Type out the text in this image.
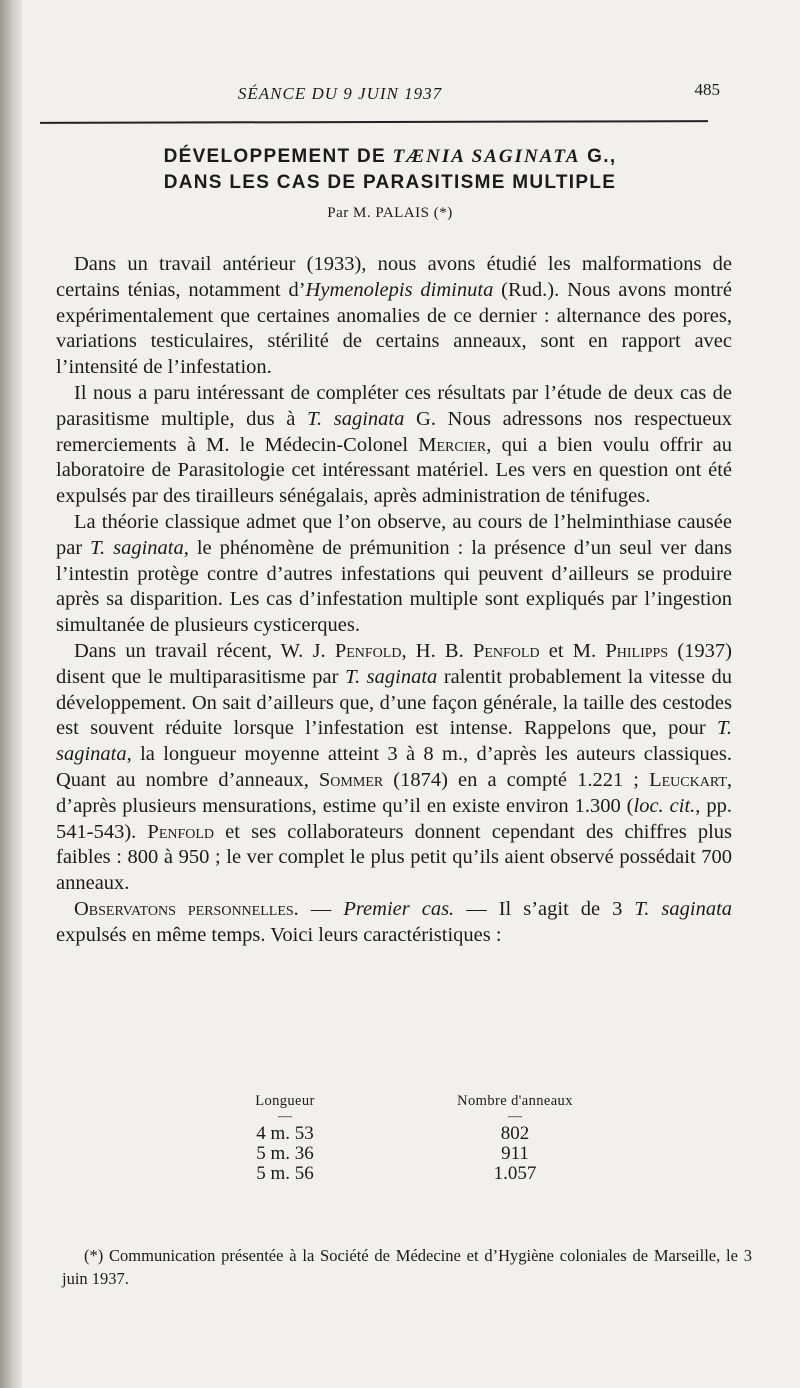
SÉANCE DU 9 JUIN 1937	485
DÉVELOPPEMENT DE TÆNIA SAGINATA G.,
DANS LES CAS DE PARASITISME MULTIPLE
Par M. PALAIS (*)

Dans un travail antérieur (1933), nous avons étudié les malformations de certains ténias, notamment d’Hymenolepis diminuta (Rud.). Nous avons montré expérimentalement que certaines anomalies de ce dernier : alternance des pores, variations testiculaires, stérilité de certains anneaux, sont en rapport avec l’intensité de l’infestation.

Il nous a paru intéressant de compléter ces résultats par l’étude de deux cas de parasitisme multiple, dus à T. saginata G. Nous adressons nos respectueux remerciements à M. le Médecin-Colonel Mercier, qui a bien voulu offrir au laboratoire de Parasitologie cet intéressant matériel. Les vers en question ont été expulsés par des tirailleurs sénégalais, après administration de ténifuges.

La théorie classique admet que l’on observe, au cours de l’helminthiase causée par T. saginata, le phénomène de prémunition : la présence d’un seul ver dans l’intestin protège contre d’autres infestations qui peuvent d’ailleurs se produire après sa disparition. Les cas d’infestation multiple sont expliqués par l’ingestion simultanée de plusieurs cysticerques.

Dans un travail récent, W. J. Penfold, H. B. Penfold et M. Philipps (1937) disent que le multiparasitisme par T. saginata ralentit probablement la vitesse du développement. On sait d’ailleurs que, d’une façon générale, la taille des cestodes est souvent réduite lorsque l’infestation est intense. Rappelons que, pour T. saginata, la longueur moyenne atteint 3 à 8 m., d’après les auteurs classiques. Quant au nombre d’anneaux, Sommer (1874) en a compté 1.221 ; Leuckart, d’après plusieurs mensurations, estime qu’il en existe environ 1.300 (loc. cit., pp. 541-543). Penfold et ses collaborateurs donnent cependant des chiffres plus faibles : 800 à 950 ; le ver complet le plus petit qu’ils aient observé possédait 700 anneaux.

Observatons personnelles. — Premier cas. — Il s’agit de 3 T. saginata expulsés en même temps. Voici leurs caractéristiques :

Longueur
—
4 m. 53
5 m. 36
5 m. 56
Nombre d'anneaux
—
802
911
1.057
(*) Communication présentée à la Société de Médecine et d’Hygiène coloniales de Marseille, le 3 juin 1937.
